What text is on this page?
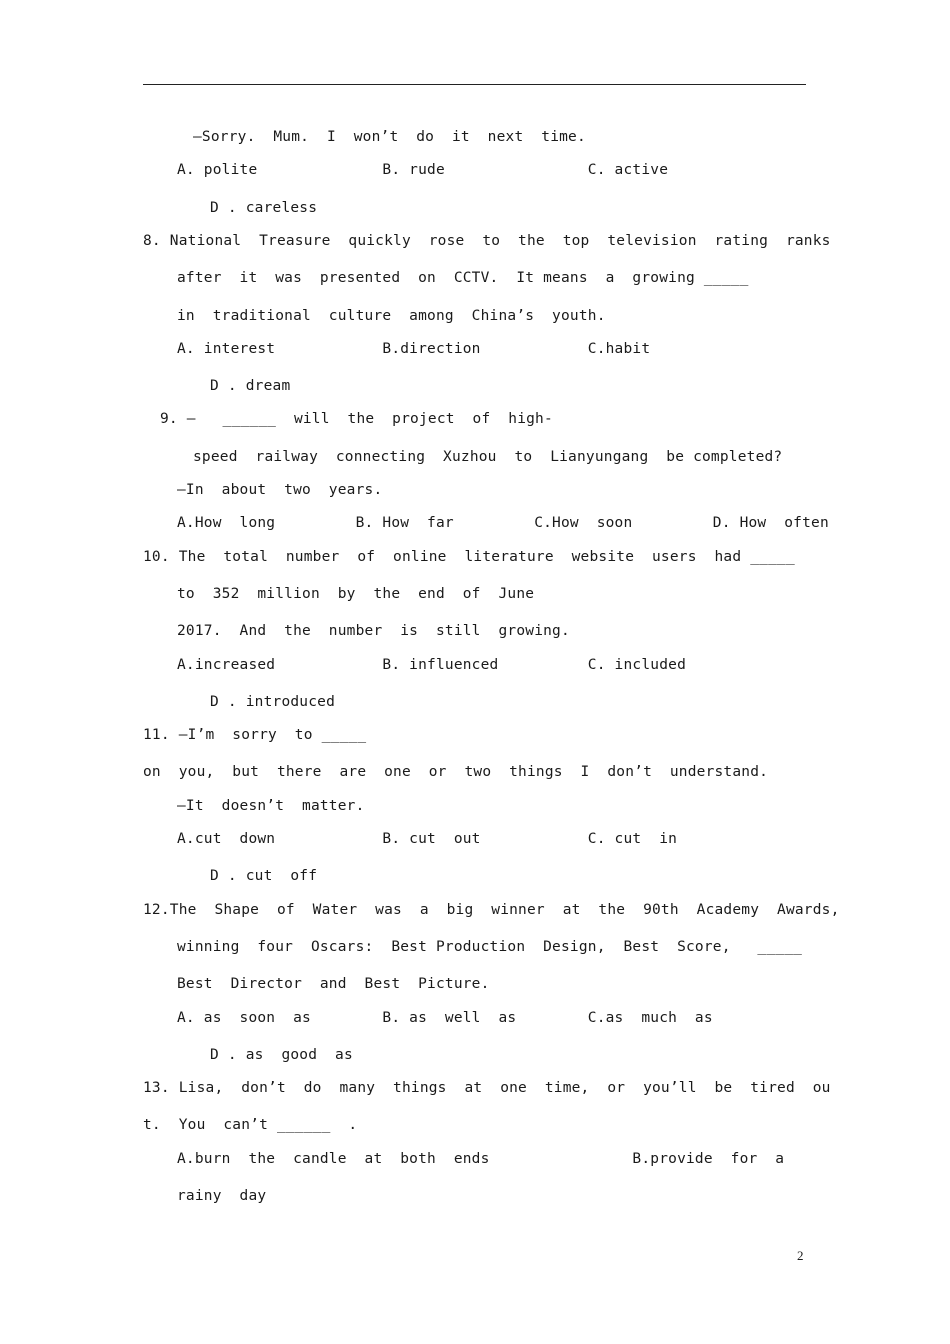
—Sorry.  Mum.  I  won’t  do  it  next  time.
A. polite              B. rude                C. active
D . careless
8. National  Treasure  quickly  rose  to  the  top  television  rating  ranks
after  it  was  presented  on  CCTV.  It means  a  growing _____
in  traditional  culture  among  China’s  youth.
A. interest            B.direction            C.habit
D . dream
9. —   ______  will  the  project  of  high-
speed  railway  connecting  Xuzhou  to  Lianyungang  be completed?
—In  about  two  years.
A.How  long         B. How  far         C.How  soon         D. How  often
10. The  total  number  of  online  literature  website  users  had _____
to  352  million  by  the  end  of  June
2017.  And  the  number  is  still  growing.
A.increased            B. influenced          C. included
D . introduced
11. —I’m  sorry  to _____
on  you,  but  there  are  one  or  two  things  I  don’t  understand.
—It  doesn’t  matter.
A.cut  down            B. cut  out            C. cut  in
D . cut  off
12.The  Shape  of  Water  was  a  big  winner  at  the  90th  Academy  Awards,
winning  four  Oscars:  Best Production  Design,  Best  Score,   _____
Best  Director  and  Best  Picture.
A. as  soon  as        B. as  well  as        C.as  much  as
D . as  good  as
13. Lisa,  don’t  do  many  things  at  one  time,  or  you’ll  be  tired  ou
t.  You  can’t ______  .
A.burn  the  candle  at  both  ends                B.provide  for  a
rainy  day
2
